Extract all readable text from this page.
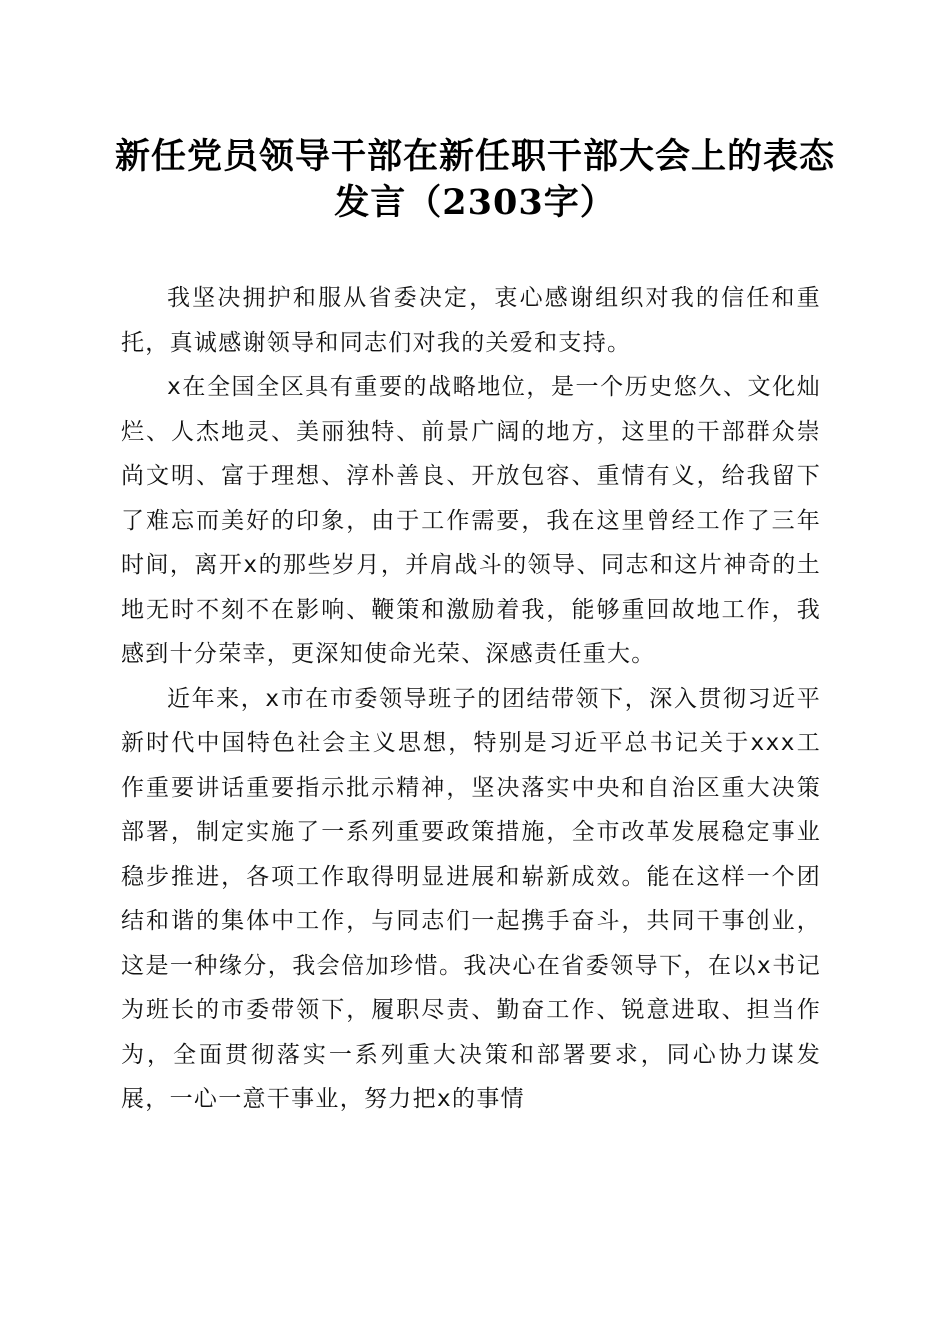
新任党员领导干部在新任职干部大会上的表态
发言（2303字）

我坚决拥护和服从省委决定，衷心感谢组织对我的信任和重托，真诚感谢领导和同志们对我的关爱和支持。

x在全国全区具有重要的战略地位，是一个历史悠久、文化灿烂、人杰地灵、美丽独特、前景广阔的地方，这里的干部群众崇尚文明、富于理想、淳朴善良、开放包容、重情有义，给我留下了难忘而美好的印象，由于工作需要，我在这里曾经工作了三年时间，离开x的那些岁月，并肩战斗的领导、同志和这片神奇的土地无时不刻不在影响、鞭策和激励着我，能够重回故地工作，我感到十分荣幸，更深知使命光荣、深感责任重大。

近年来，x市在市委领导班子的团结带领下，深入贯彻习近平新时代中国特色社会主义思想，特别是习近平总书记关于xxx工作重要讲话重要指示批示精神，坚决落实中央和自治区重大决策部署，制定实施了一系列重要政策措施，全市改革发展稳定事业稳步推进，各项工作取得明显进展和崭新成效。能在这样一个团结和谐的集体中工作，与同志们一起携手奋斗，共同干事创业，这是一种缘分，我会倍加珍惜。我决心在省委领导下，在以x书记为班长的市委带领下，履职尽责、勤奋工作、锐意进取、担当作为，全面贯彻落实一系列重大决策和部署要求，同心协力谋发展，一心一意干事业，努力把x的事情
